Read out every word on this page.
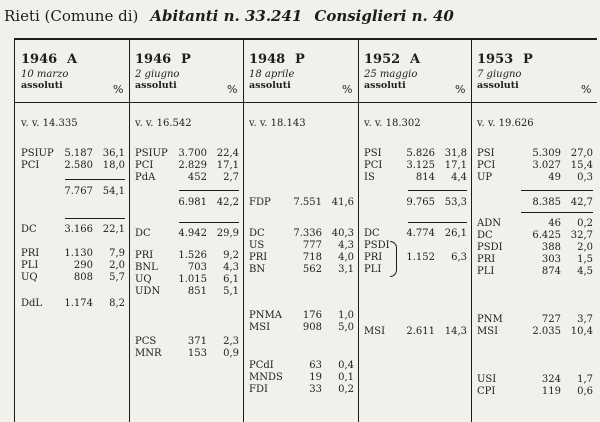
Rieti (Comune di) Abitanti n. 33.241 Consiglieri n. 40
1946 A
10 marzo
assoluti	%
v. v. 14.335
PSIUP	5.187 36,1
PCI	2.580 18,0
7.767 54,1
DC	3.166 22,1
PRI	1.130	7,9
PLI	290	2,0
UQ	808	5,7
DdL	1.174	8,2
1946 P
2 giugno
assoluti	%
v. v. 16.542
PSIUP	3.700 22,4
PCI	2.829 17,1
PdA	452	2,7
6.981 42,2
DC	4.942 29,9
PRI	1.526	9,2
BNL	703	4,3
UQ	1.015	6,1
UDN	851	5,1
PCS	371	2,3
MNR	153	0,9
1948 P
18 aprile
assoluti	%
v. v. 18.143
FDP	7.551 41,6
DC	7.336 40,3
US	777	4,3
PRI	718	4,0
BN	562	3,1
PNMA	176	1,0
MSI	908	5,0
PCdI	63	0,4
MNDS	19	0,1
FDI	33	0,2
1952 A
25 maggio
assoluti	%
v. v. 18.302
PSI	5.826 31,8
PCI	3.125 17,1
IS	814	4,4
9.765 53,3
DC	4.774 26,1
PSDI
PRI	1.152	6,3
PLI
MSI	2.611 14,3
1953 P
7 giugno
assoluti	%
v. v. 19.626
PSI	5.309 27,0
PCI	3.027 15,4
UP	49	0,3
8.385 42,7
ADN	46	0,2
DC	6.425 32,7
PSDI	388	2,0
PRI	303	1,5
PLI	874	4,5
PNM	727	3,7
MSI	2.035 10,4
USI	324	1,7
CPI	119	0,6
